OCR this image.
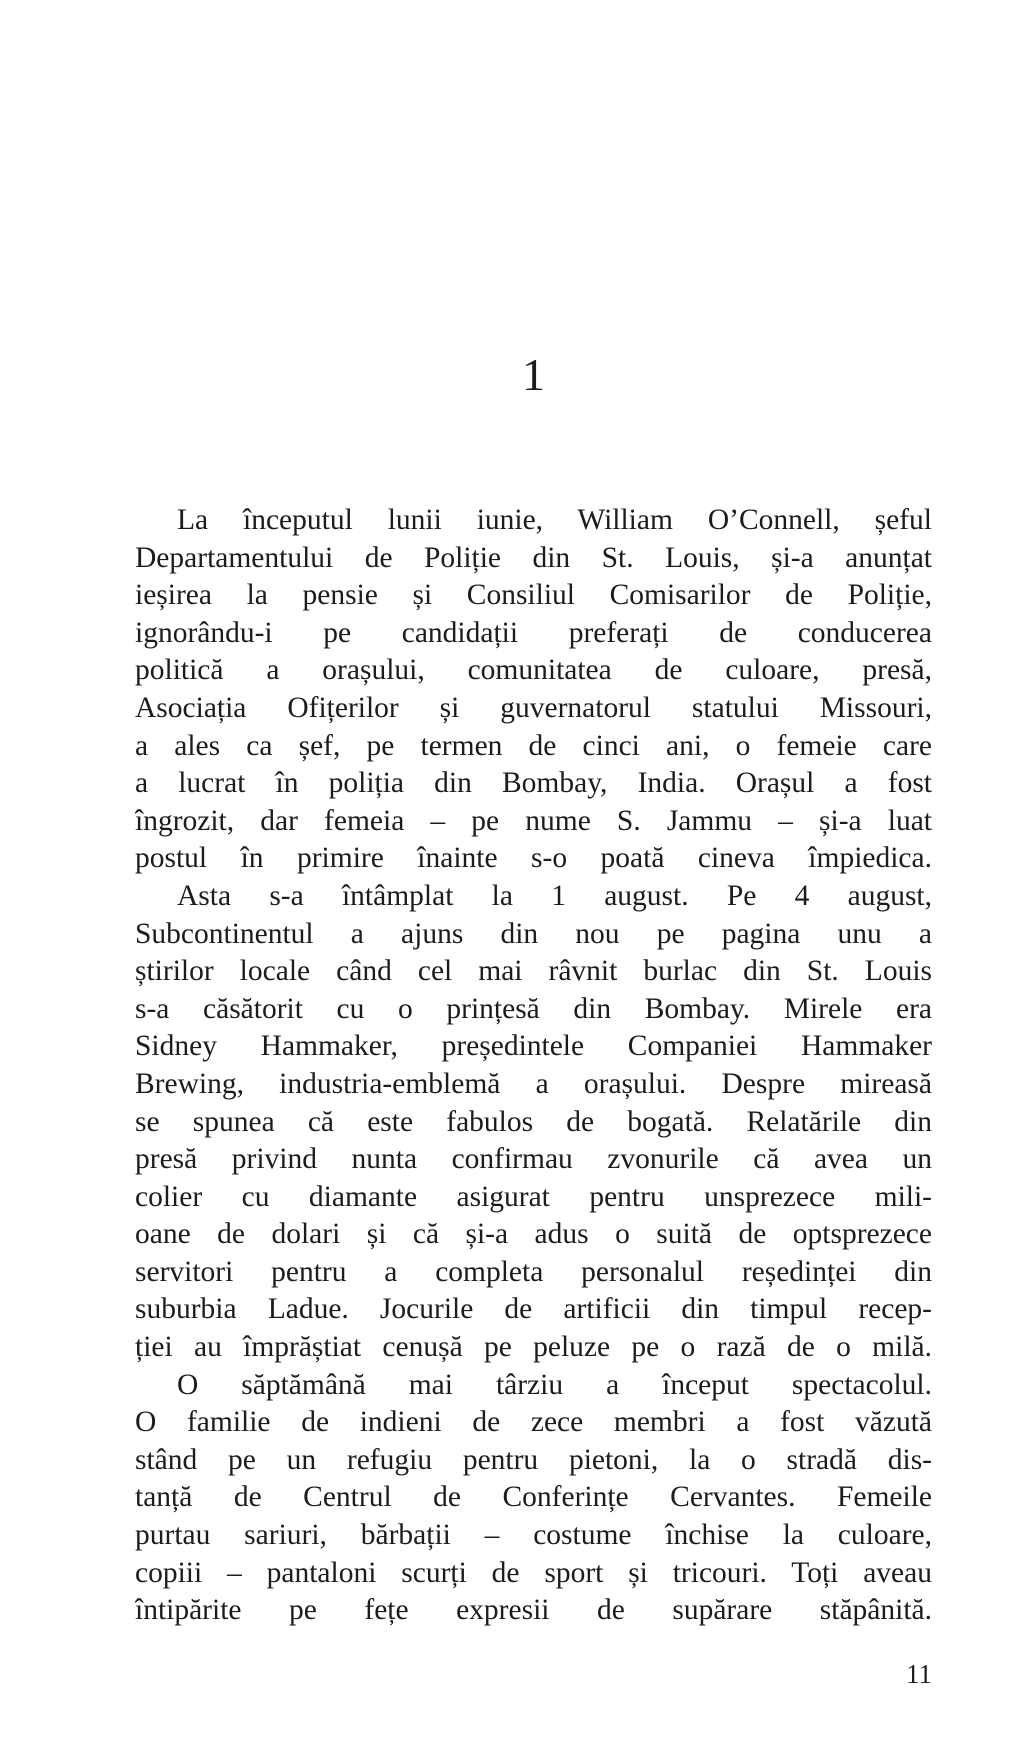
1
La începutul lunii iunie, William O’Connell, șeful
Departamentului de Poliție din St. Louis, și-a anunțat
ieșirea la pensie și Consiliul Comisarilor de Poliție,
ignorându-i pe candidații preferați de conducerea
politică a orașului, comunitatea de culoare, presă,
Asociația Ofițerilor și guvernatorul statului Missouri,
a ales ca șef, pe termen de cinci ani, o femeie care
a lucrat în poliția din Bombay, India. Orașul a fost
îngrozit, dar femeia – pe nume S. Jammu – și-a luat
postul în primire înainte s-o poată cineva împiedica.
Asta s-a întâmplat la 1 august. Pe 4 august,
Subcontinentul a ajuns din nou pe pagina unu a
știrilor locale când cel mai râvnit burlac din St. Louis
s-a căsătorit cu o prințesă din Bombay. Mirele era
Sidney Hammaker, președintele Companiei Hammaker
Brewing, industria-emblemă a orașului. Despre mireasă
se spunea că este fabulos de bogată. Relatările din
presă privind nunta confirmau zvonurile că avea un
colier cu diamante asigurat pentru unsprezece mili-
oane de dolari și că și-a adus o suită de optsprezece
servitori pentru a completa personalul reședinței din
suburbia Ladue. Jocurile de artificii din timpul recep-
ției au împrăștiat cenușă pe peluze pe o rază de o milă.
O săptămână mai târziu a început spectacolul.
O familie de indieni de zece membri a fost văzută
stând pe un refugiu pentru pietoni, la o stradă dis-
tanță de Centrul de Conferințe Cervantes. Femeile
purtau sariuri, bărbații – costume închise la culoare,
copiii – pantaloni scurți de sport și tricouri. Toți aveau
întipărite pe fețe expresii de supărare stăpânită.
11
